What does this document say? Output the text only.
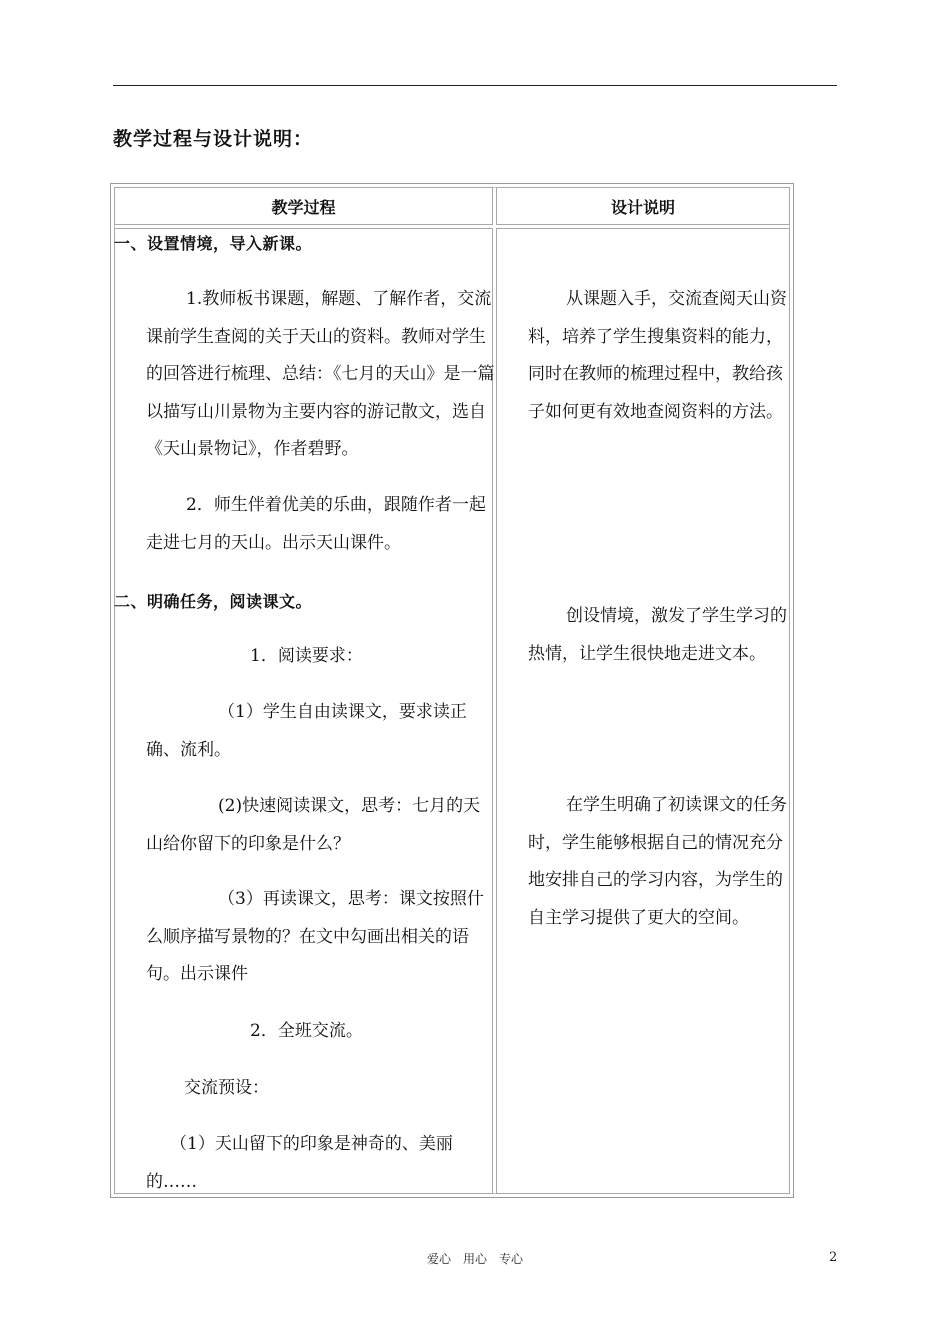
教学过程与设计说明：
教学过程	设计说明
一、设置情境，导入新课。
1.教师板书课题，解题、了解作者，交流课前学生查阅的关于天山的资料。教师对学生的回答进行梳理、总结：《七月的天山》是一篇以描写山川景物为主要内容的游记散文，选自《天山景物记》，作者碧野。
2．师生伴着优美的乐曲，跟随作者一起走进七月的天山。出示天山课件。
二、明确任务，阅读课文。
1．阅读要求：
（1）学生自由读课文，要求读正确、流利。
(2)快速阅读课文，思考：七月的天山给你留下的印象是什么？
（3）再读课文，思考：课文按照什么顺序描写景物的？在文中勾画出相关的语句。出示课件
2．全班交流。
交流预设：
（1）天山留下的印象是神奇的、美丽的……
从课题入手，交流查阅天山资料，培养了学生搜集资料的能力，同时在教师的梳理过程中，教给孩子如何更有效地查阅资料的方法。
创设情境，激发了学生学习的热情，让学生很快地走进文本。
在学生明确了初读课文的任务时，学生能够根据自己的情况充分地安排自己的学习内容，为学生的自主学习提供了更大的空间。
爱心　用心　专心	2
